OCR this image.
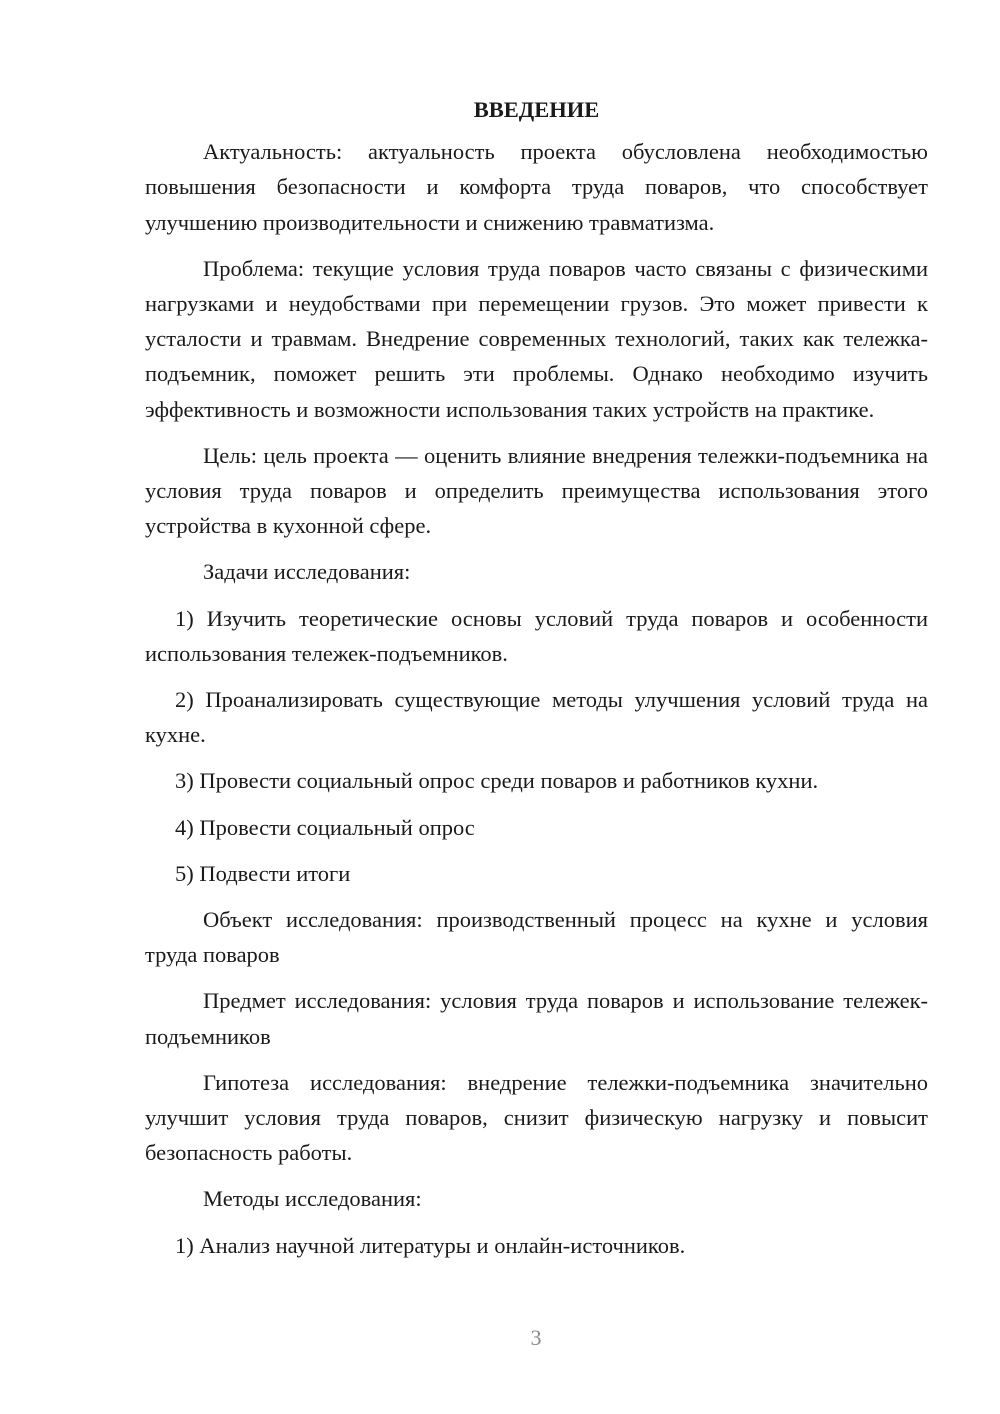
ВВЕДЕНИЕ

Актуальность: актуальность проекта обусловлена необходимостью повышения безопасности и комфорта труда поваров, что способствует улучшению производительности и снижению травматизма.

Проблема: текущие условия труда поваров часто связаны с физическими нагрузками и неудобствами при перемещении грузов. Это может привести к усталости и травмам. Внедрение современных технологий, таких как тележка-подъемник, поможет решить эти проблемы. Однако необходимо изучить эффективность и возможности использования таких устройств на практике.

Цель: цель проекта — оценить влияние внедрения тележки-подъемника на условия труда поваров и определить преимущества использования этого устройства в кухонной сфере.

Задачи исследования:

1) Изучить теоретические основы условий труда поваров и особенности использования тележек-подъемников.

2) Проанализировать существующие методы улучшения условий труда на кухне.

3) Провести социальный опрос среди поваров и работников кухни.

4) Провести социальный опрос

5) Подвести итоги

Объект исследования: производственный процесс на кухне и условия труда поваров

Предмет исследования: условия труда поваров и использование тележек-подъемников

Гипотеза исследования: внедрение тележки-подъемника значительно улучшит условия труда поваров, снизит физическую нагрузку и повысит безопасность работы.

Методы исследования:

1) Анализ научной литературы и онлайн-источников.

3
